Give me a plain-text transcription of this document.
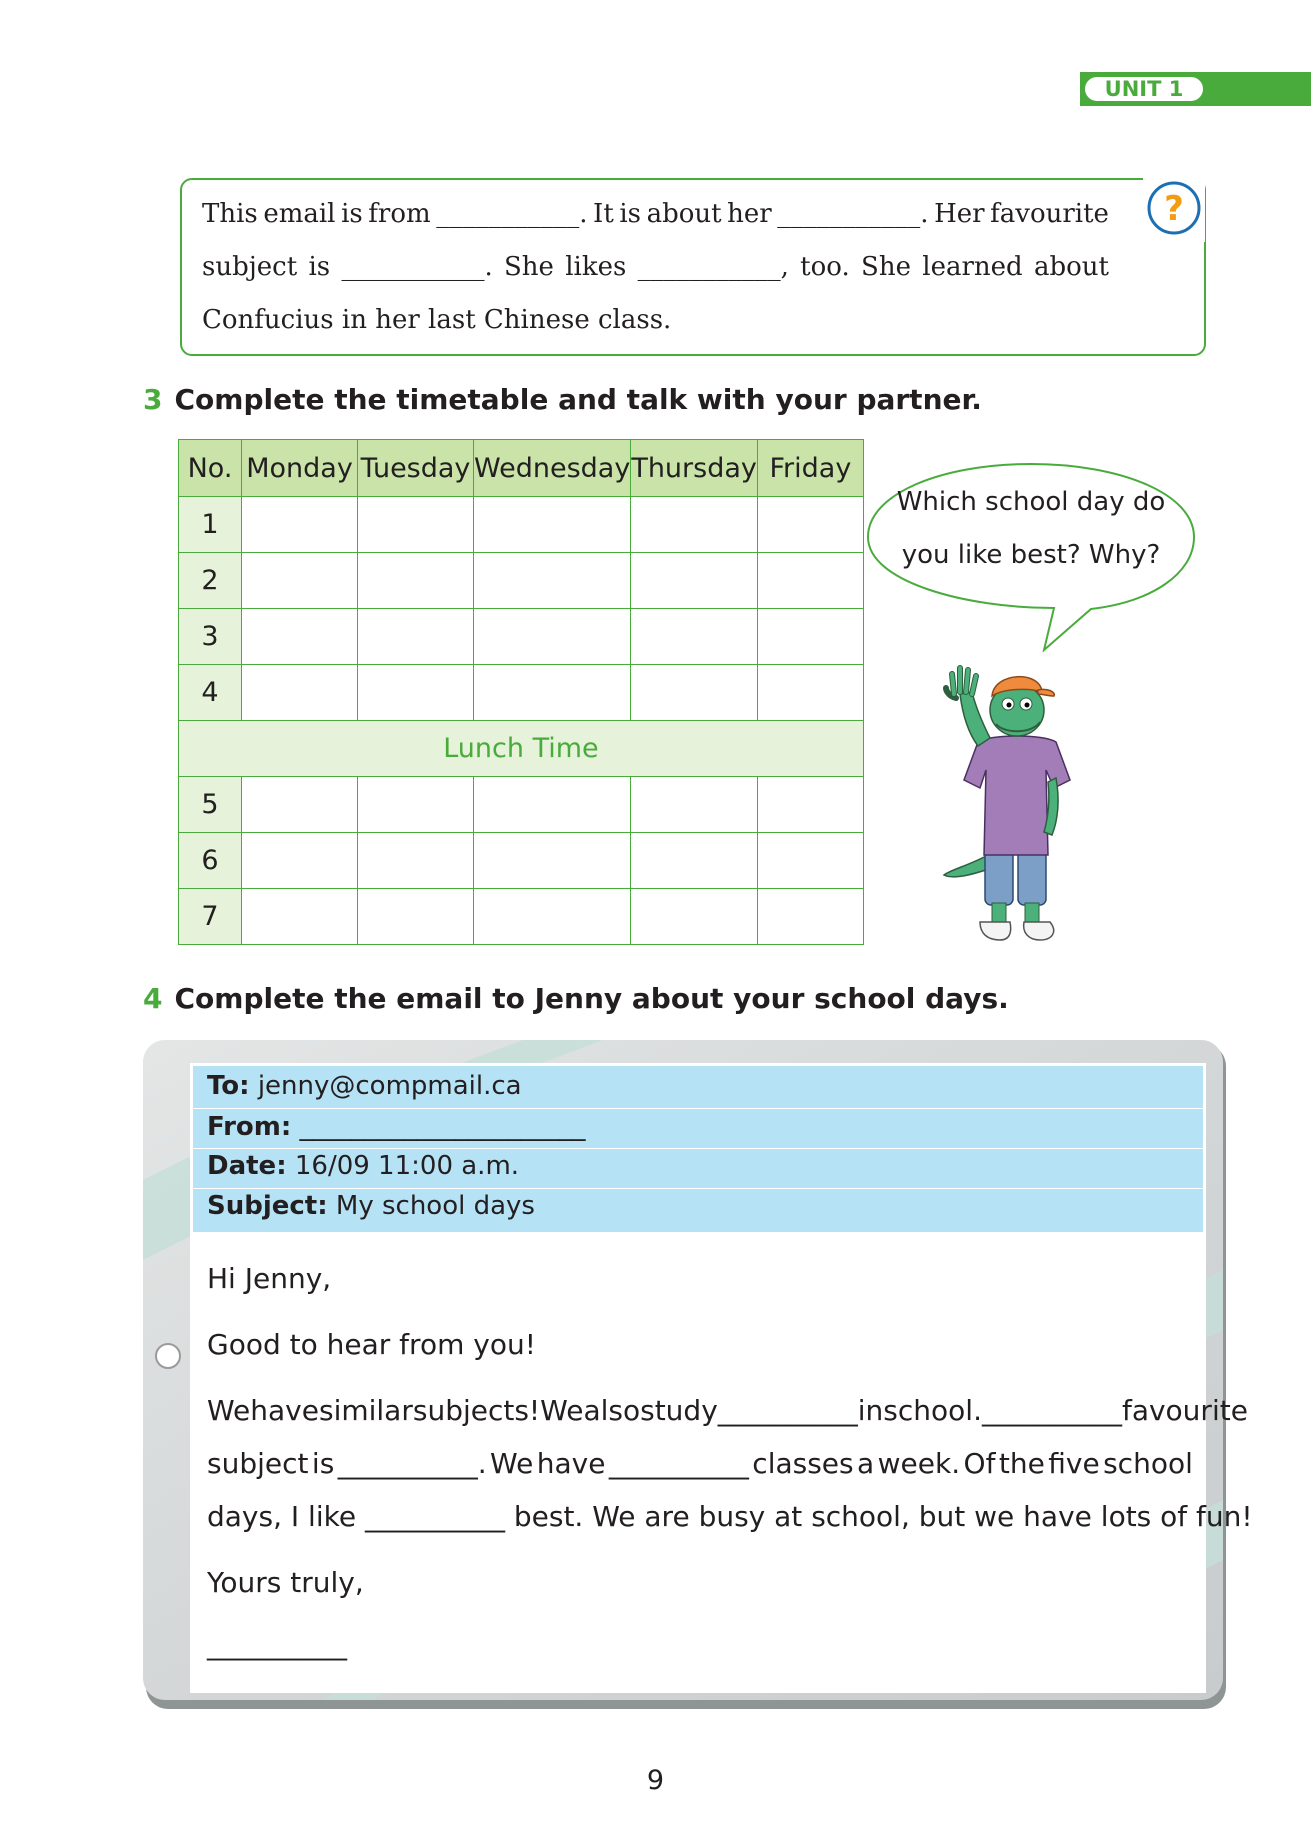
UNIT 1
?
This email is from ___________. It is about her ___________. Her favourite
subject is ___________. She likes ___________, too. She learned about
Confucius in her last Chinese class.
3 Complete the timetable and talk with your partner.
No.	Monday	Tuesday	Wednesday	Thursday	Friday
1					
2					
3					
4					
Lunch Time					
5					
6					
7					
Which school day do
you like best? Why?
4 Complete the email to Jenny about your school days.
To: jenny@compmail.ca
From: ______________________
Date: 16/09 11:00 a.m.
Subject: My school days
Hi Jenny,
Good to hear from you!
We have similar subjects! We also study __________ in school. __________ favourite
subject is __________. We have __________ classes a week. Of the five school
days, I like __________ best. We are busy at school, but we have lots of fun!
Yours truly,
__________
9
